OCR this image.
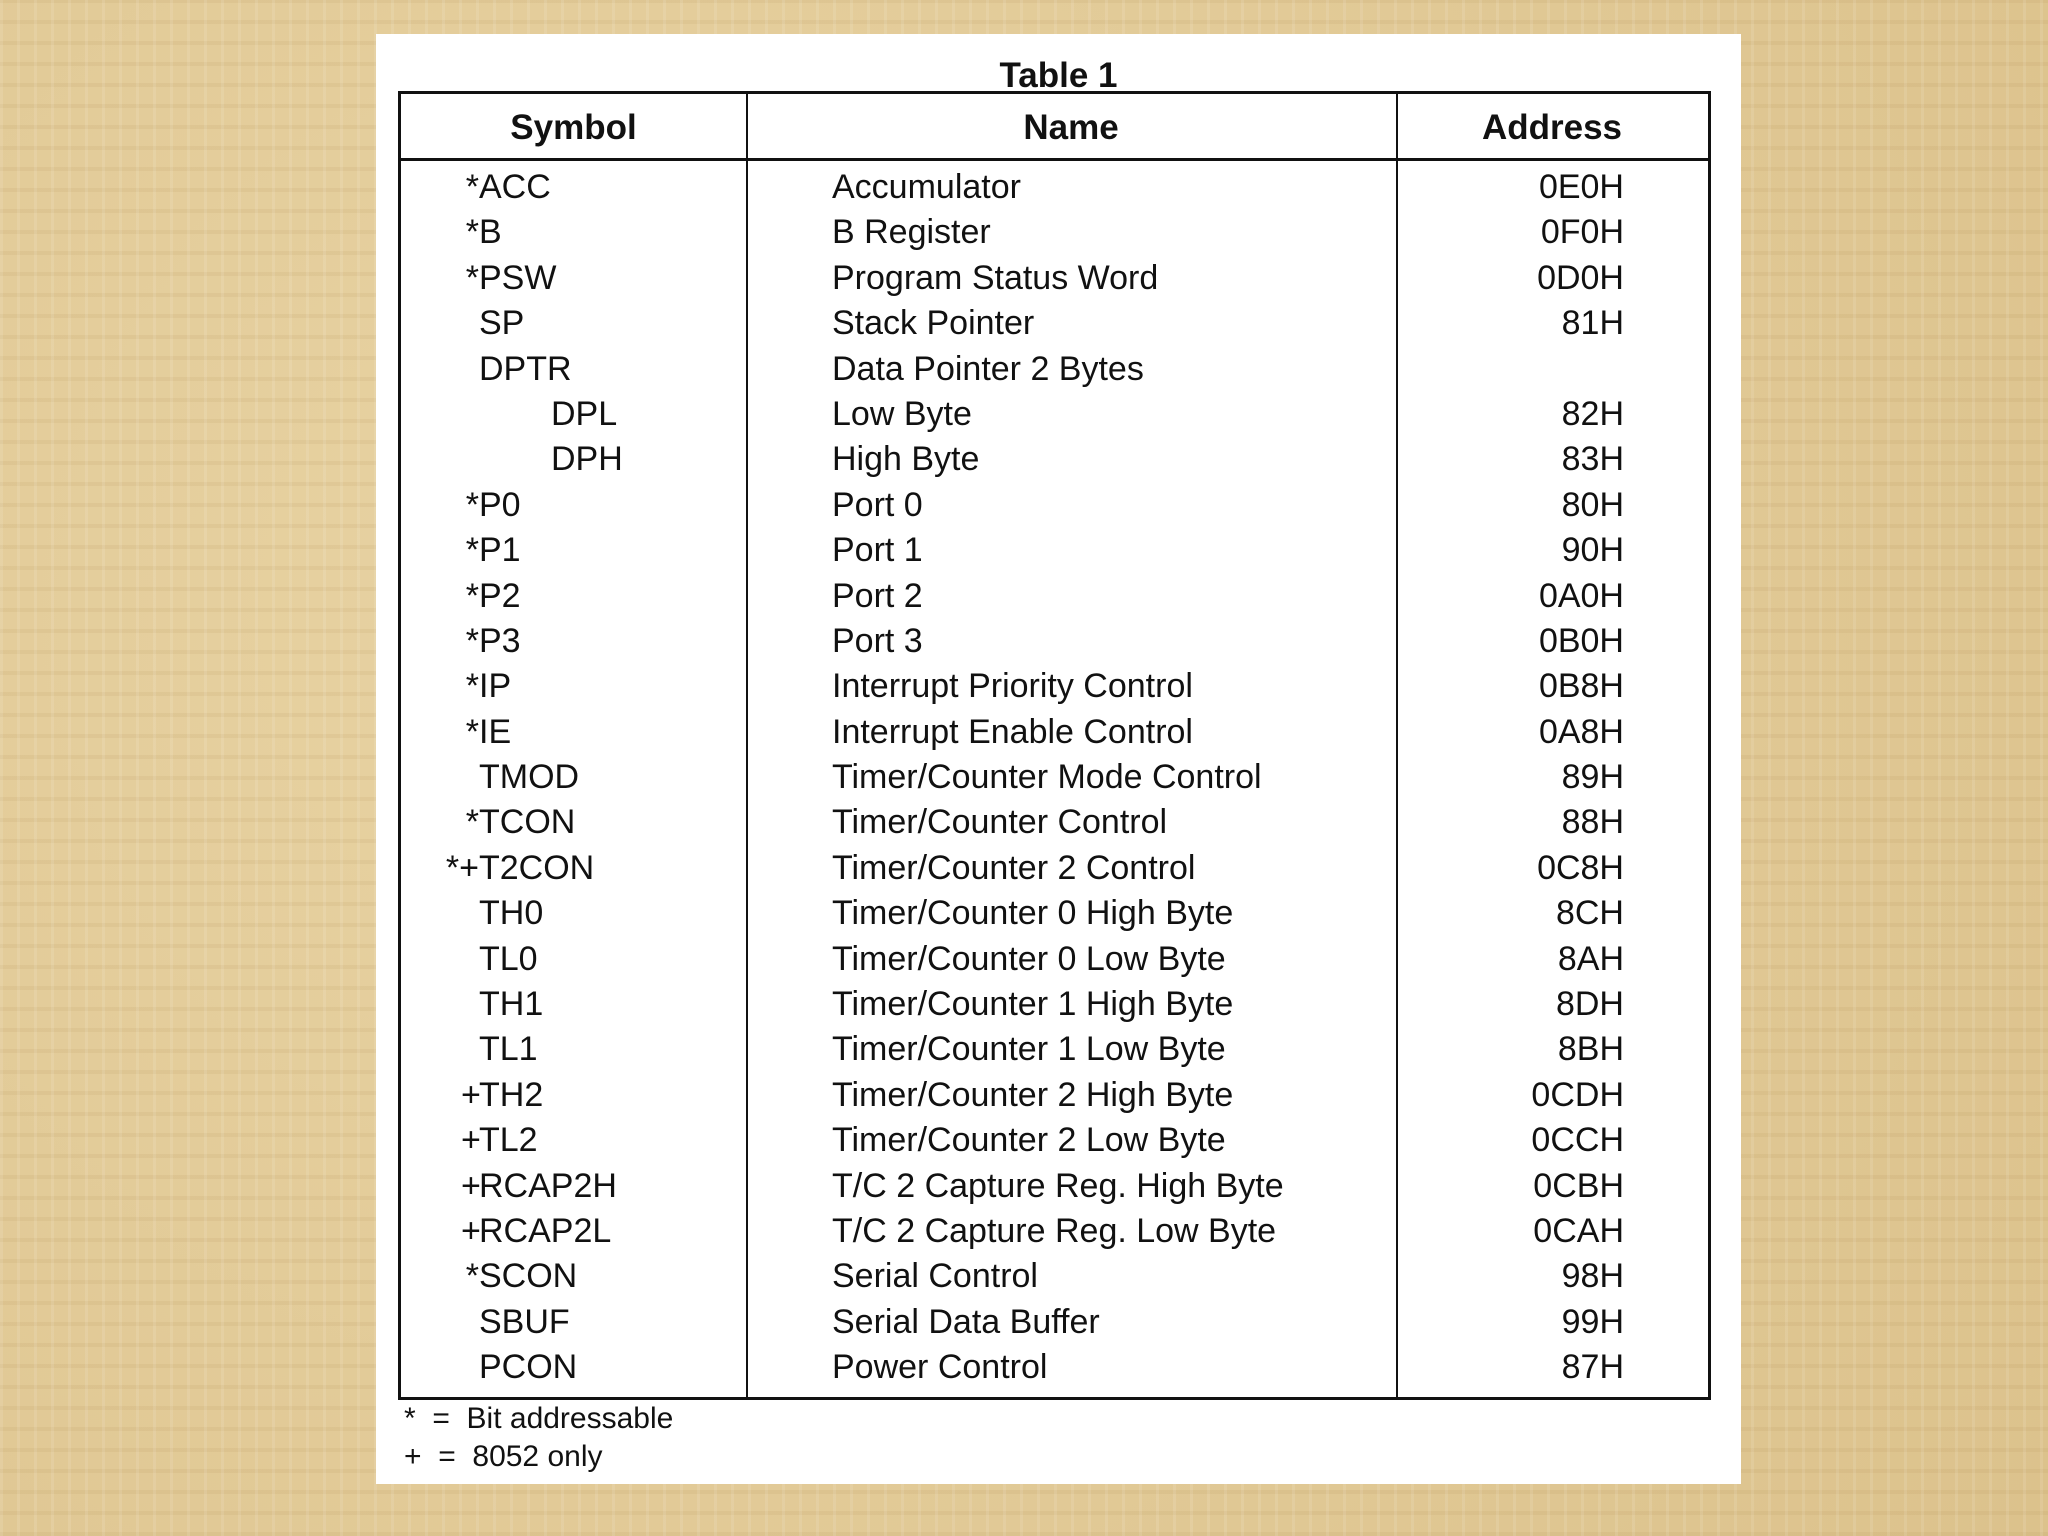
Table 1
Symbol	Name	Address
*ACC	Accumulator	0E0H
*B	B Register	0F0H
*PSW	Program Status Word	0D0H
SP	Stack Pointer	81H
DPTR	Data Pointer 2 Bytes
DPL	Low Byte	82H
DPH	High Byte	83H
*P0	Port 0	80H
*P1	Port 1	90H
*P2	Port 2	0A0H
*P3	Port 3	0B0H
*IP	Interrupt Priority Control	0B8H
*IE	Interrupt Enable Control	0A8H
TMOD	Timer/Counter Mode Control	89H
*TCON	Timer/Counter Control	88H
*+T2CON	Timer/Counter 2 Control	0C8H
TH0	Timer/Counter 0 High Byte	8CH
TL0	Timer/Counter 0 Low Byte	8AH
TH1	Timer/Counter 1 High Byte	8DH
TL1	Timer/Counter 1 Low Byte	8BH
+TH2	Timer/Counter 2 High Byte	0CDH
+TL2	Timer/Counter 2 Low Byte	0CCH
+RCAP2H	T/C 2 Capture Reg. High Byte	0CBH
+RCAP2L	T/C 2 Capture Reg. Low Byte	0CAH
*SCON	Serial Control	98H
SBUF	Serial Data Buffer	99H
PCON	Power Control	87H
*  =  Bit addressable
+  =  8052 only
